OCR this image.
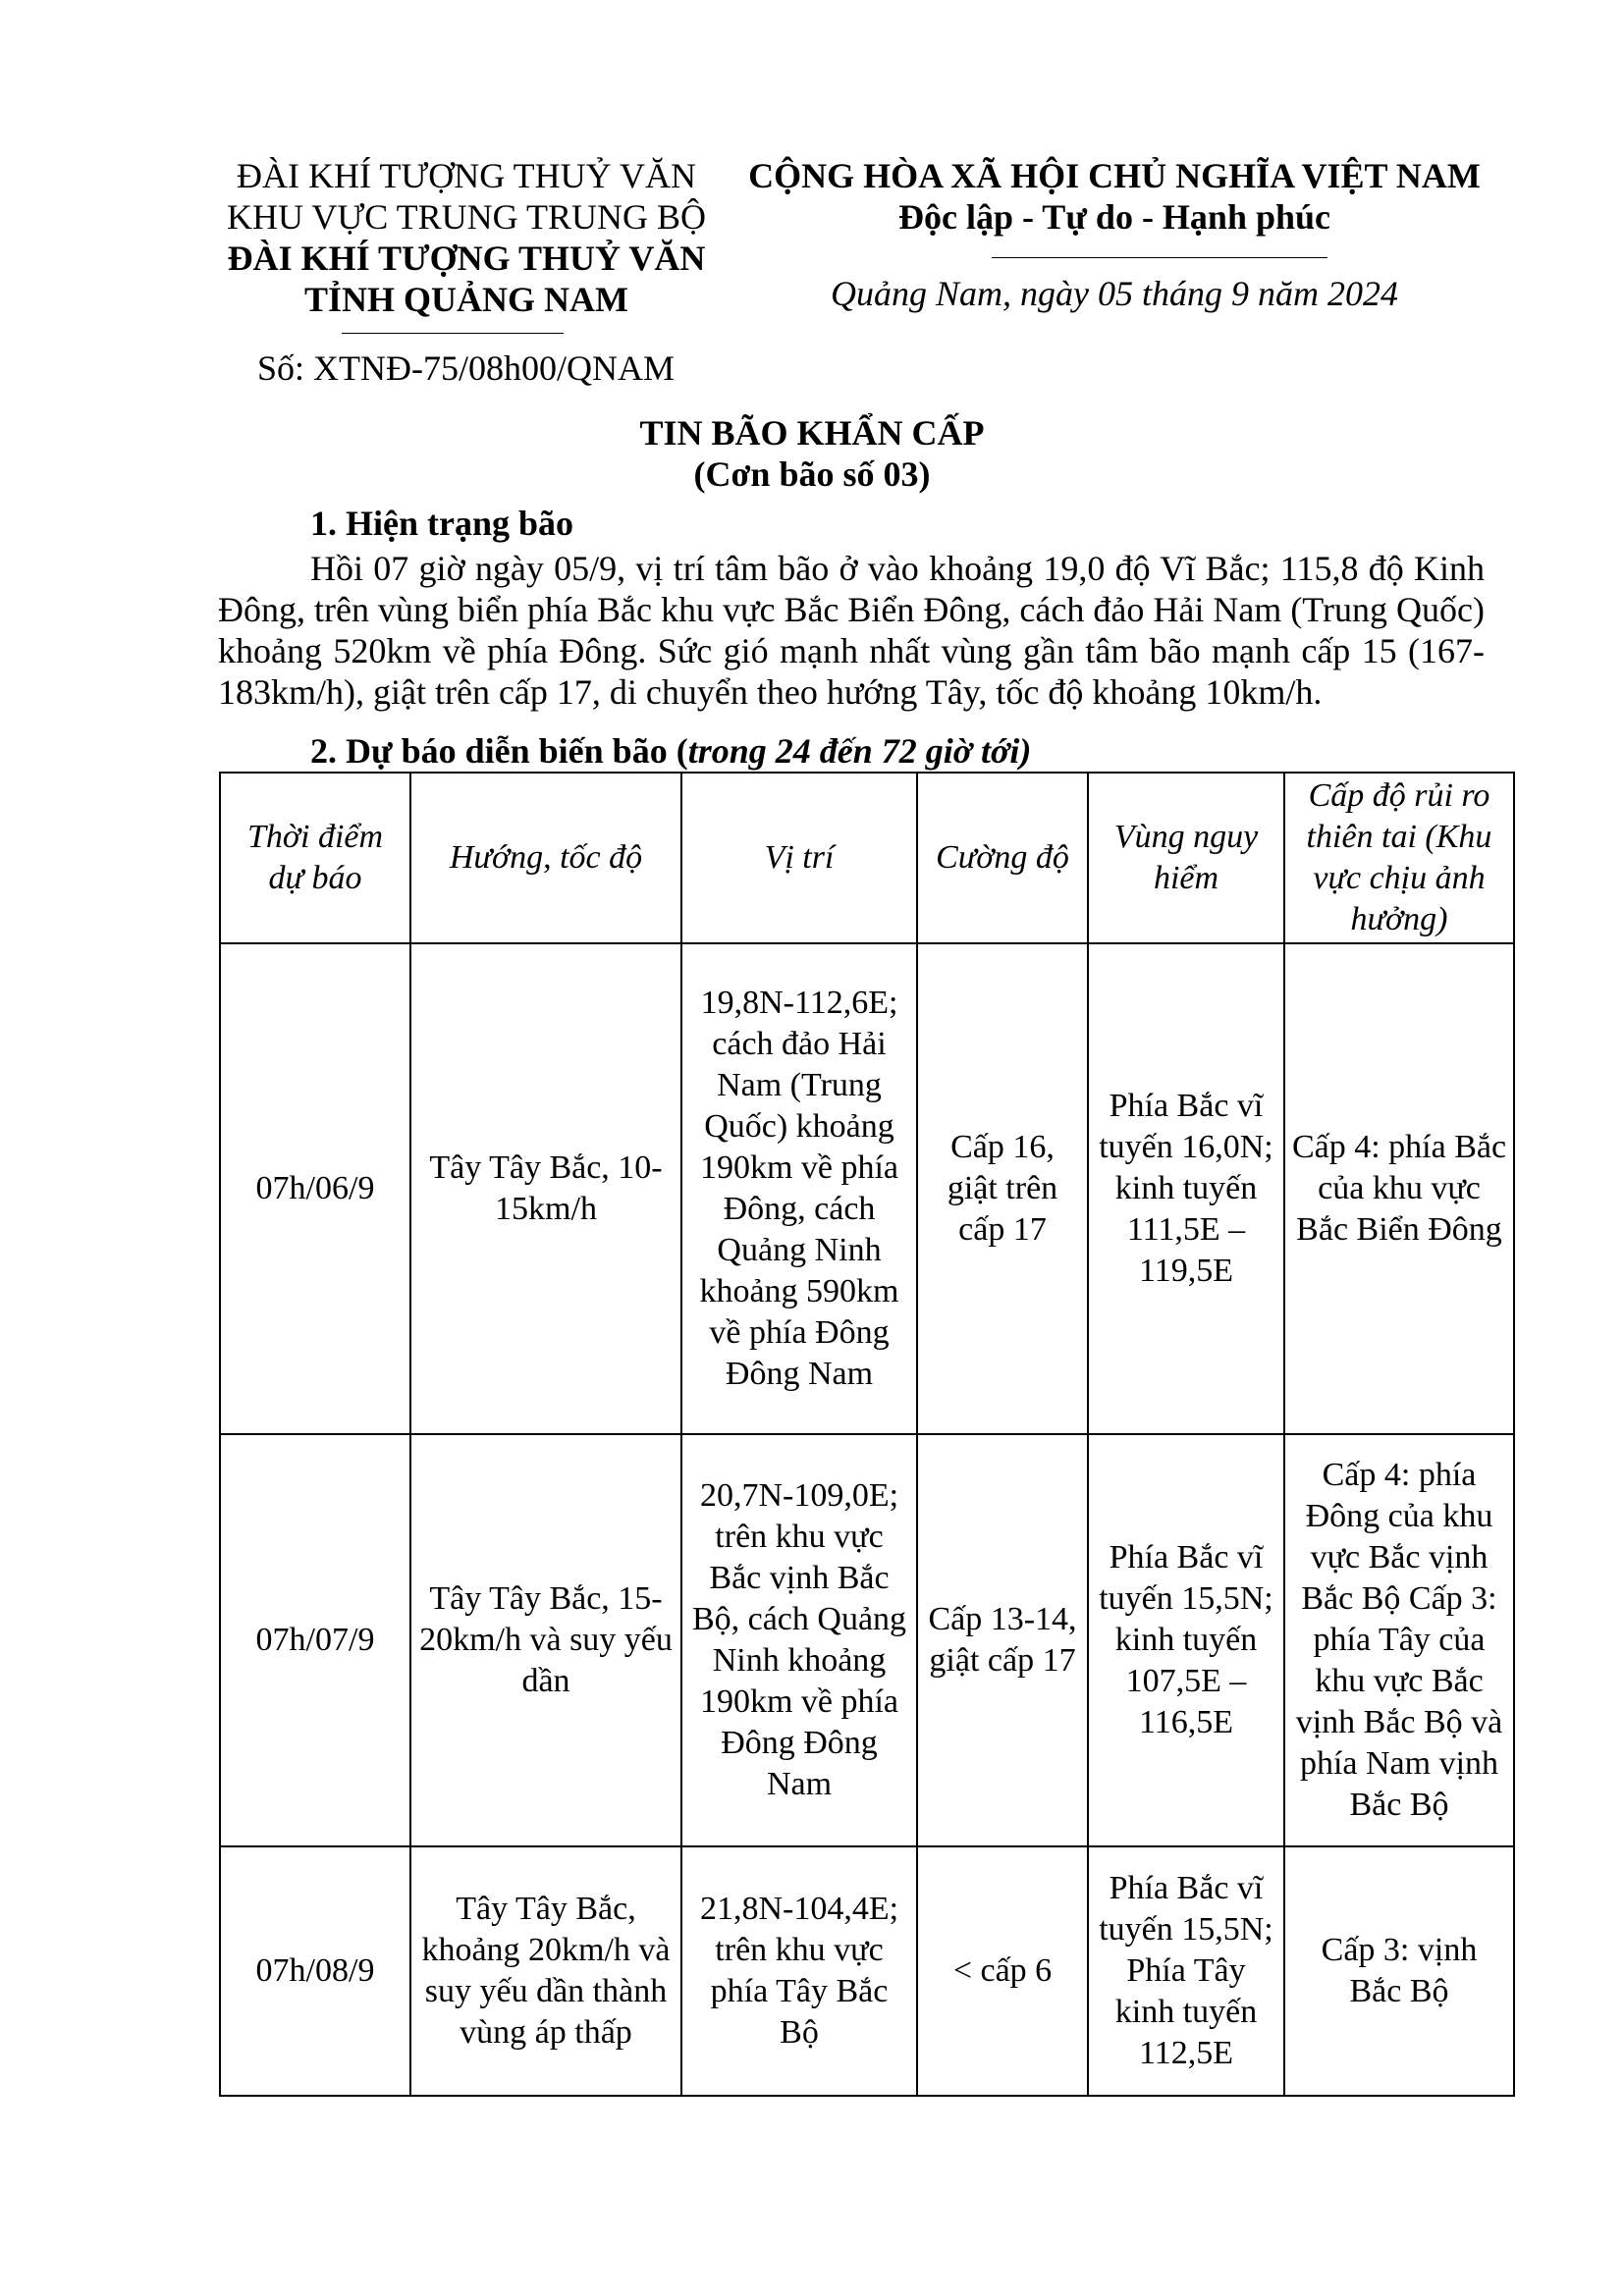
ĐÀI KHÍ TƯỢNG THUỶ VĂN
KHU VỰC TRUNG TRUNG BỘ
ĐÀI KHÍ TƯỢNG THUỶ VĂN
TỈNH QUẢNG NAM
Số: XTNĐ-75/08h00/QNAM
CỘNG HÒA XÃ HỘI CHỦ NGHĨA VIỆT NAM
Độc lập - Tự do - Hạnh phúc
Quảng Nam, ngày 05 tháng 9 năm 2024
TIN BÃO KHẨN CẤP
(Cơn bão số 03)
1. Hiện trạng bão

Hồi 07 giờ ngày 05/9, vị trí tâm bão ở vào khoảng 19,0 độ Vĩ Bắc; 115,8 độ Kinh Đông, trên vùng biển phía Bắc khu vực Bắc Biển Đông, cách đảo Hải Nam (Trung Quốc) khoảng 520km về phía Đông. Sức gió mạnh nhất vùng gần tâm bão mạnh cấp 15 (167-183km/h), giật trên cấp 17, di chuyển theo hướng Tây, tốc độ khoảng 10km/h.

2. Dự báo diễn biến bão (trong 24 đến 72 giờ tới)
Thời điểm dự báo	Hướng, tốc độ	Vị trí	Cường độ	Vùng nguy hiểm	Cấp độ rủi ro thiên tai (Khu vực chịu ảnh hưởng)
07h/06/9	Tây Tây Bắc, 10-15km/h	19,8N-112,6E; cách đảo Hải Nam (Trung Quốc) khoảng 190km về phía Đông, cách Quảng Ninh khoảng 590km về phía Đông Đông Nam	Cấp 16, giật trên cấp 17	Phía Bắc vĩ tuyến 16,0N; kinh tuyến 111,5E – 119,5E	Cấp 4: phía Bắc của khu vực Bắc Biển Đông
07h/07/9	Tây Tây Bắc, 15-20km/h và suy yếu dần	20,7N-109,0E; trên khu vực Bắc vịnh Bắc Bộ, cách Quảng Ninh khoảng 190km về phía Đông Đông Nam	Cấp 13-14, giật cấp 17	Phía Bắc vĩ tuyến 15,5N; kinh tuyến 107,5E – 116,5E	Cấp 4: phía Đông của khu vực Bắc vịnh Bắc Bộ Cấp 3: phía Tây của khu vực Bắc vịnh Bắc Bộ và phía Nam vịnh Bắc Bộ
07h/08/9	Tây Tây Bắc, khoảng 20km/h và suy yếu dần thành vùng áp thấp	21,8N-104,4E; trên khu vực phía Tây Bắc Bộ	< cấp 6	Phía Bắc vĩ tuyến 15,5N; Phía Tây kinh tuyến 112,5E	Cấp 3: vịnh Bắc Bộ
